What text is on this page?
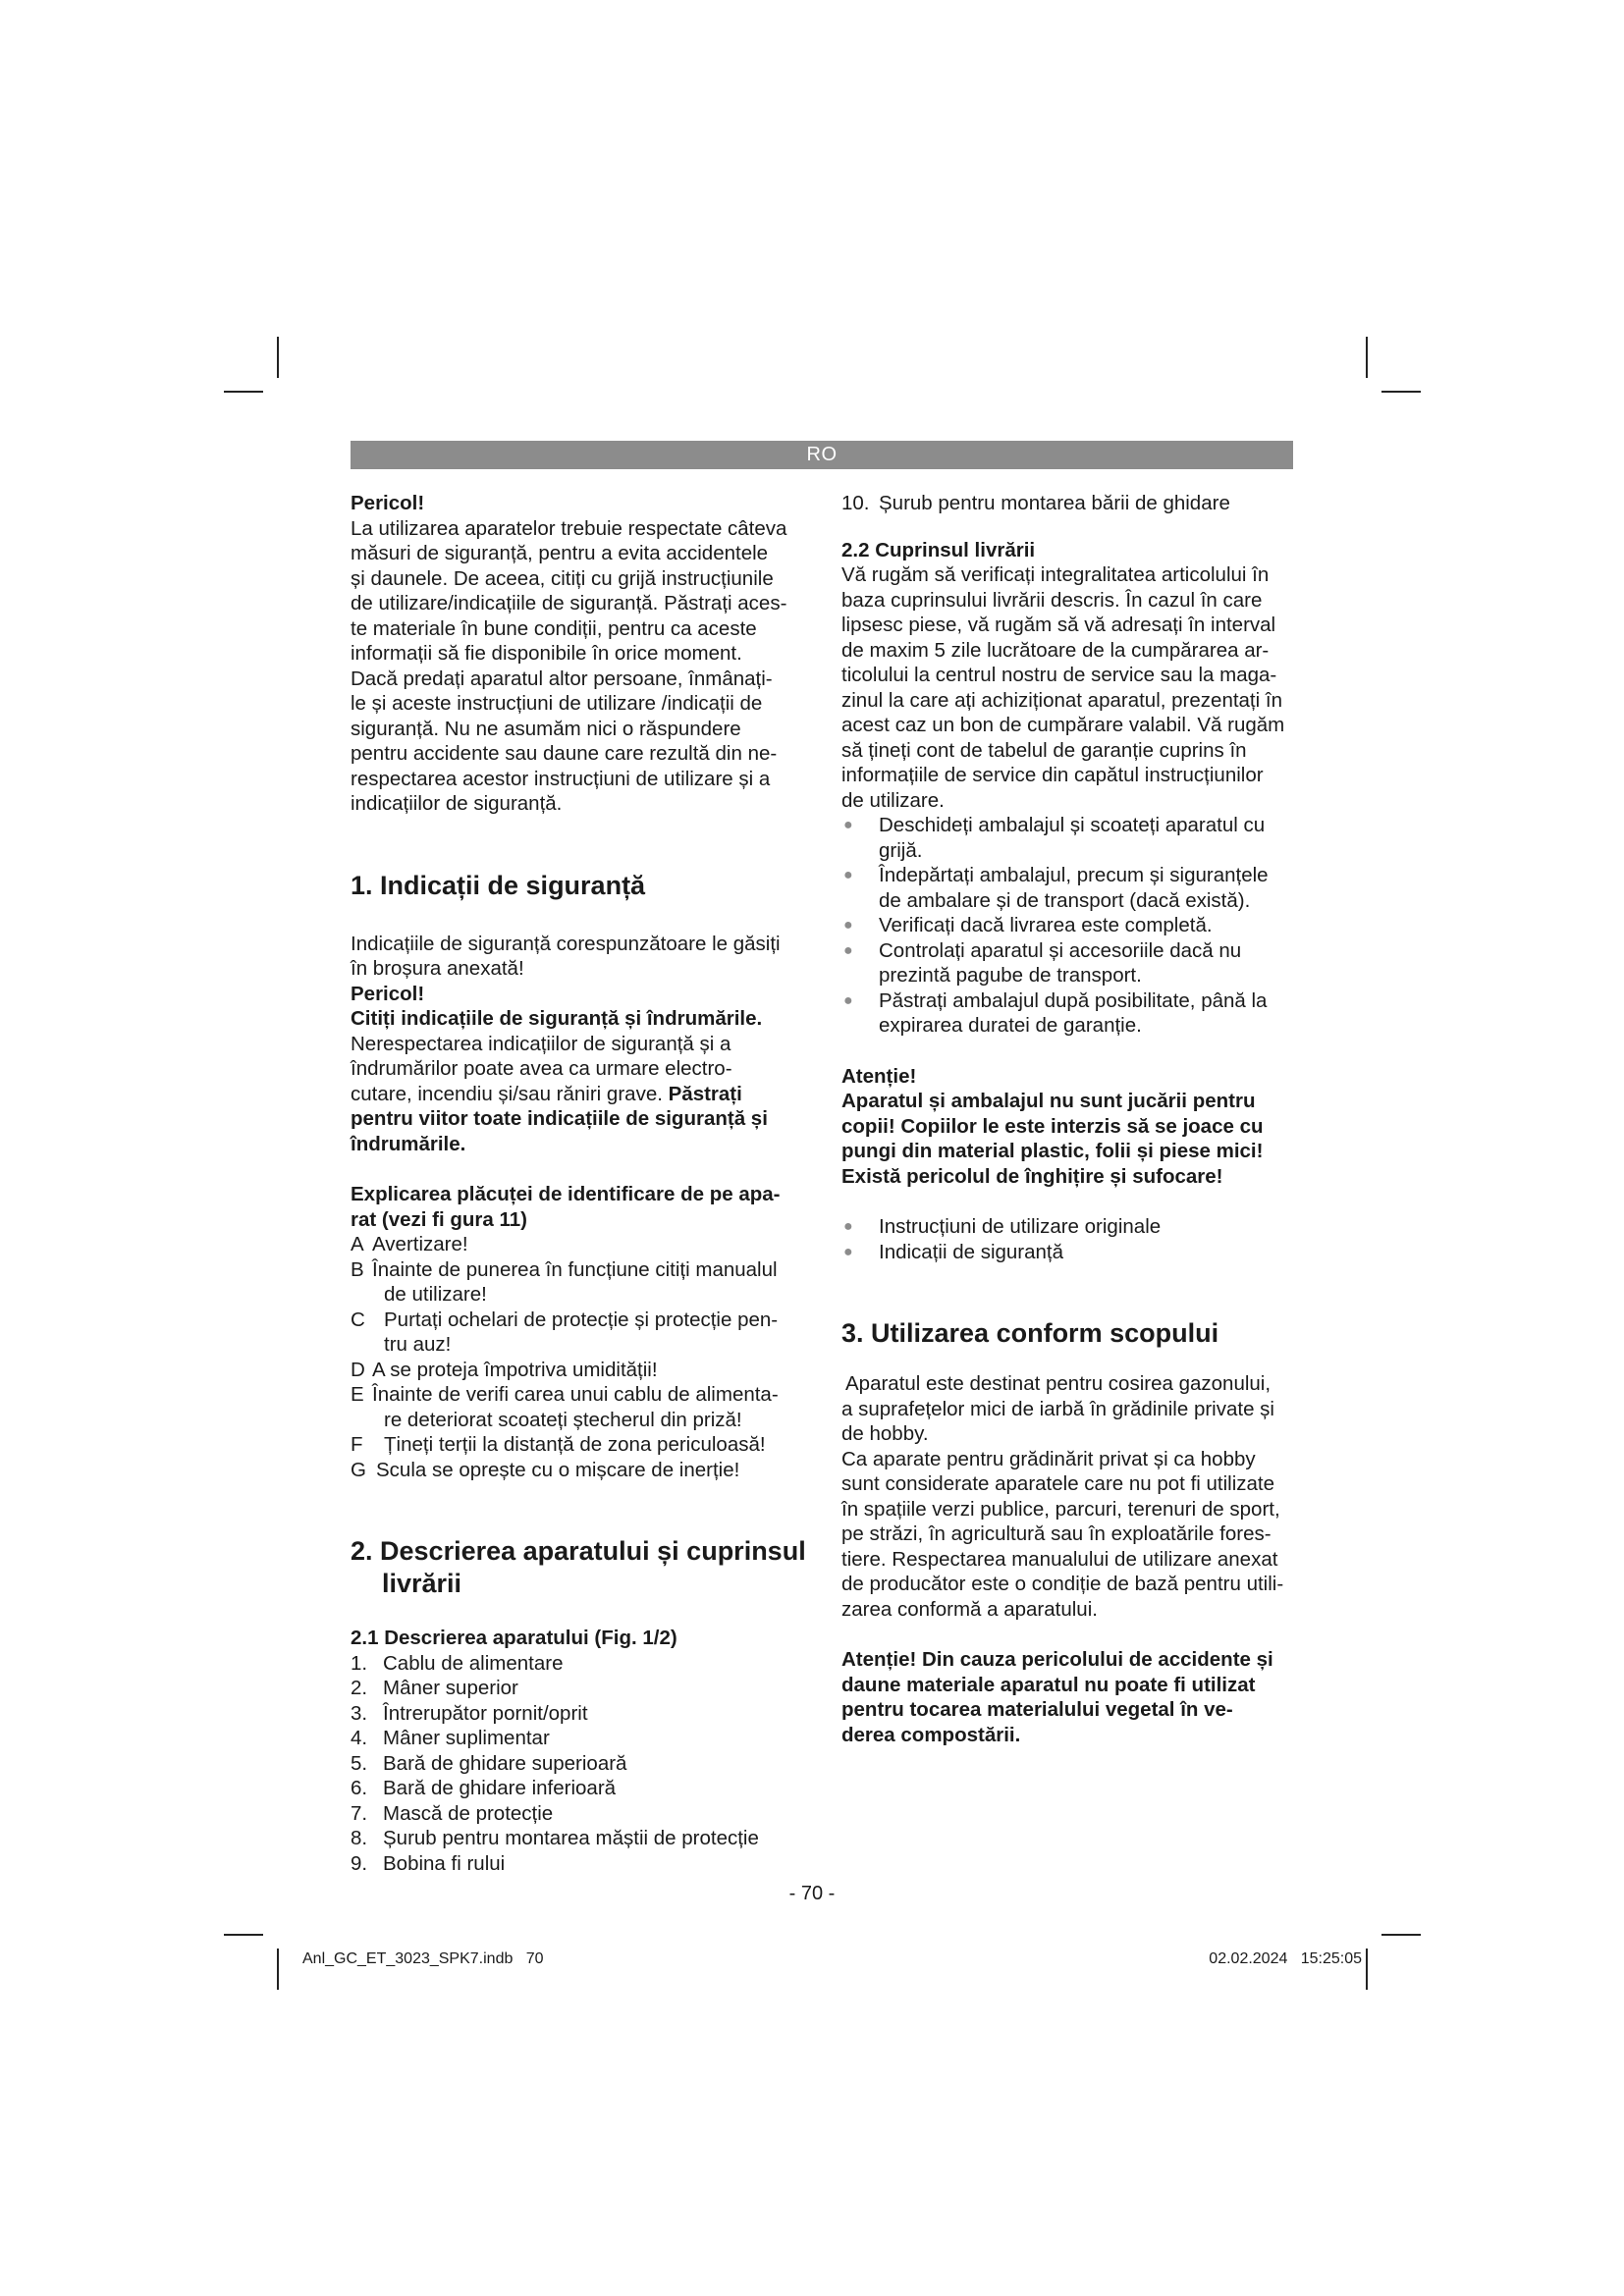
RO

Pericol!

La utilizarea aparatelor trebuie respectate câteva
măsuri de siguranță, pentru a evita accidentele
și daunele. De aceea, citiți cu grijă instrucțiunile
de utilizare/indicațiile de siguranță. Păstrați aces-
te materiale în bune condiții, pentru ca aceste
informații să fie disponibile în orice moment.
Dacă predați aparatul altor persoane, înmânați-
le și aceste instrucțiuni de utilizare /indicații de
siguranță. Nu ne asumăm nici o răspundere
pentru accidente sau daune care rezultă din ne-
respectarea acestor instrucțiuni de utilizare și a
indicațiilor de siguranță.
1. Indicații de siguranță
Indicațiile de siguranță corespunzătoare le găsiți
în broșura anexată!

Pericol!

Citiți indicațiile de siguranță și îndrumările.

Nerespectarea indicațiilor de siguranță și a
îndrumărilor poate avea ca urmare electro-
cutare, incendiu și/sau răniri grave. Păstrați
pentru viitor toate indicațiile de siguranță și
îndrumările.
Explicarea plăcuței de identificare de pe apa-
rat (vezi fi gura 11)
A Avertizare!
B Înainte de punerea în funcțiune citiți manualul
de utilizare!
C Purtați ochelari de protecție și protecție pen-
tru auz!
D A se proteja împotriva umidității!
E Înainte de verifi carea unui cablu de alimenta-
re deteriorat scoateți ștecherul din priză!
F	Țineți terții la distanță de zona periculoasă!
G Scula se oprește cu o mișcare de inerție!
2. Descrierea aparatului și cuprinsul
livrării

2.1 Descrierea aparatului (Fig. 1/2)

1. Cablu de alimentare
2. Mâner superior
3. Întrerupător pornit/oprit
4. Mâner suplimentar
5. Bară de ghidare superioară
6. Bară de ghidare inferioară
7. Mască de protecție
8. Șurub pentru montarea măștii de protecție
9. Bobina fi rului
10. Șurub pentru montarea bării de ghidare

2.2 Cuprinsul livrării

Vă rugăm să verificați integralitatea articolului în
baza cuprinsului livrării descris. În cazul în care
lipsesc piese, vă rugăm să vă adresați în interval
de maxim 5 zile lucrătoare de la cumpărarea ar-
ticolului la centrul nostru de service sau la maga-
zinul la care ați achiziționat aparatul, prezentați în
acest caz un bon de cumpărare valabil. Vă rugăm
să țineți cont de tabelul de garanție cuprins în
informațiile de service din capătul instrucțiunilor
de utilizare.
●	Deschideți ambalajul și scoateți aparatul cu
grijă.
●	Îndepărtați ambalajul, precum și siguranțele
de ambalare și de transport (dacă există).
●	Verificați dacă livrarea este completă.
●	Controlați aparatul și accesoriile dacă nu
prezintă pagube de transport.
●	Păstrați ambalajul după posibilitate, până la
expirarea duratei de garanție.

Atenție!

Aparatul și ambalajul nu sunt jucării pentru
copii! Copiilor le este interzis să se joace cu
pungi din material plastic, folii și piese mici!
Există pericolul de înghițire și sufocare!
●	Instrucțiuni de utilizare originale
●	Indicații de siguranță
3. Utilizarea conform scopului
Aparatul este destinat pentru cosirea gazonului,
a suprafețelor mici de iarbă în grădinile private și
de hobby.
Ca aparate pentru grădinărit privat și ca hobby
sunt considerate aparatele care nu pot fi utilizate
în spațiile verzi publice, parcuri, terenuri de sport,
pe străzi, în agricultură sau în exploatările fores-
tiere. Respectarea manualului de utilizare anexat
de producător este o condiție de bază pentru utili-
zarea conformă a aparatului.
Atenție! Din cauza pericolului de accidente și
daune materiale aparatul nu poate fi utilizat
pentru tocarea materialului vegetal în ve-
derea compostării.
- 70 -
Anl_GC_ET_3023_SPK7.indb   70	02.02.2024   15:25:05
